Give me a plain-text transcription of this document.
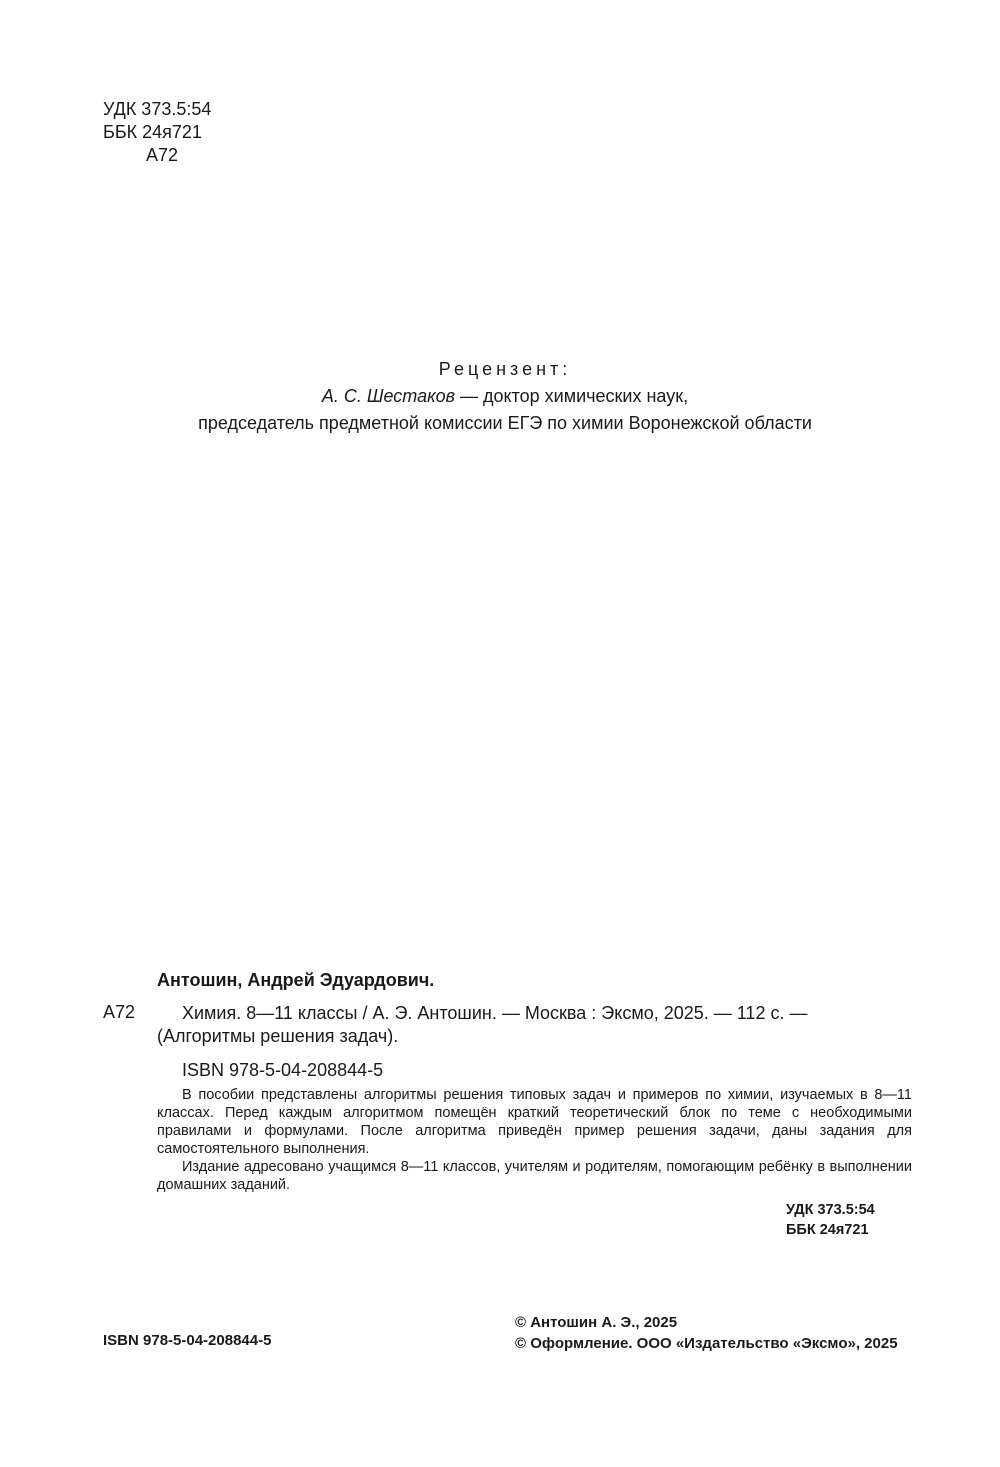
УДК 373.5:54
ББК 24я721
А72
Рецензент:
А. С. Шестаков — доктор химических наук,
председатель предметной комиссии ЕГЭ по химии Воронежской области
Антошин, Андрей Эдуардович.
А72	Химия. 8—11 классы / А. Э. Антошин. — Москва : Эксмо, 2025. — 112 с. —
(Алгоритмы решения задач).
ISBN 978-5-04-208844-5

В пособии представлены алгоритмы решения типовых задач и примеров по химии, изучаемых в 8—11 классах. Перед каждым алгоритмом помещён краткий теоретический блок по теме с необходимыми правилами и формулами. После алгоритма приведён пример решения задачи, даны задания для самостоятельного выполнения.

Издание адресовано учащимся 8—11 классов, учителям и родителям, помогающим ребёнку в выполнении домашних заданий.

УДК 373.5:54
ББК 24я721
ISBN 978-5-04-208844-5
© Антошин А. Э., 2025
© Оформление. ООО «Издательство «Эксмо», 2025
